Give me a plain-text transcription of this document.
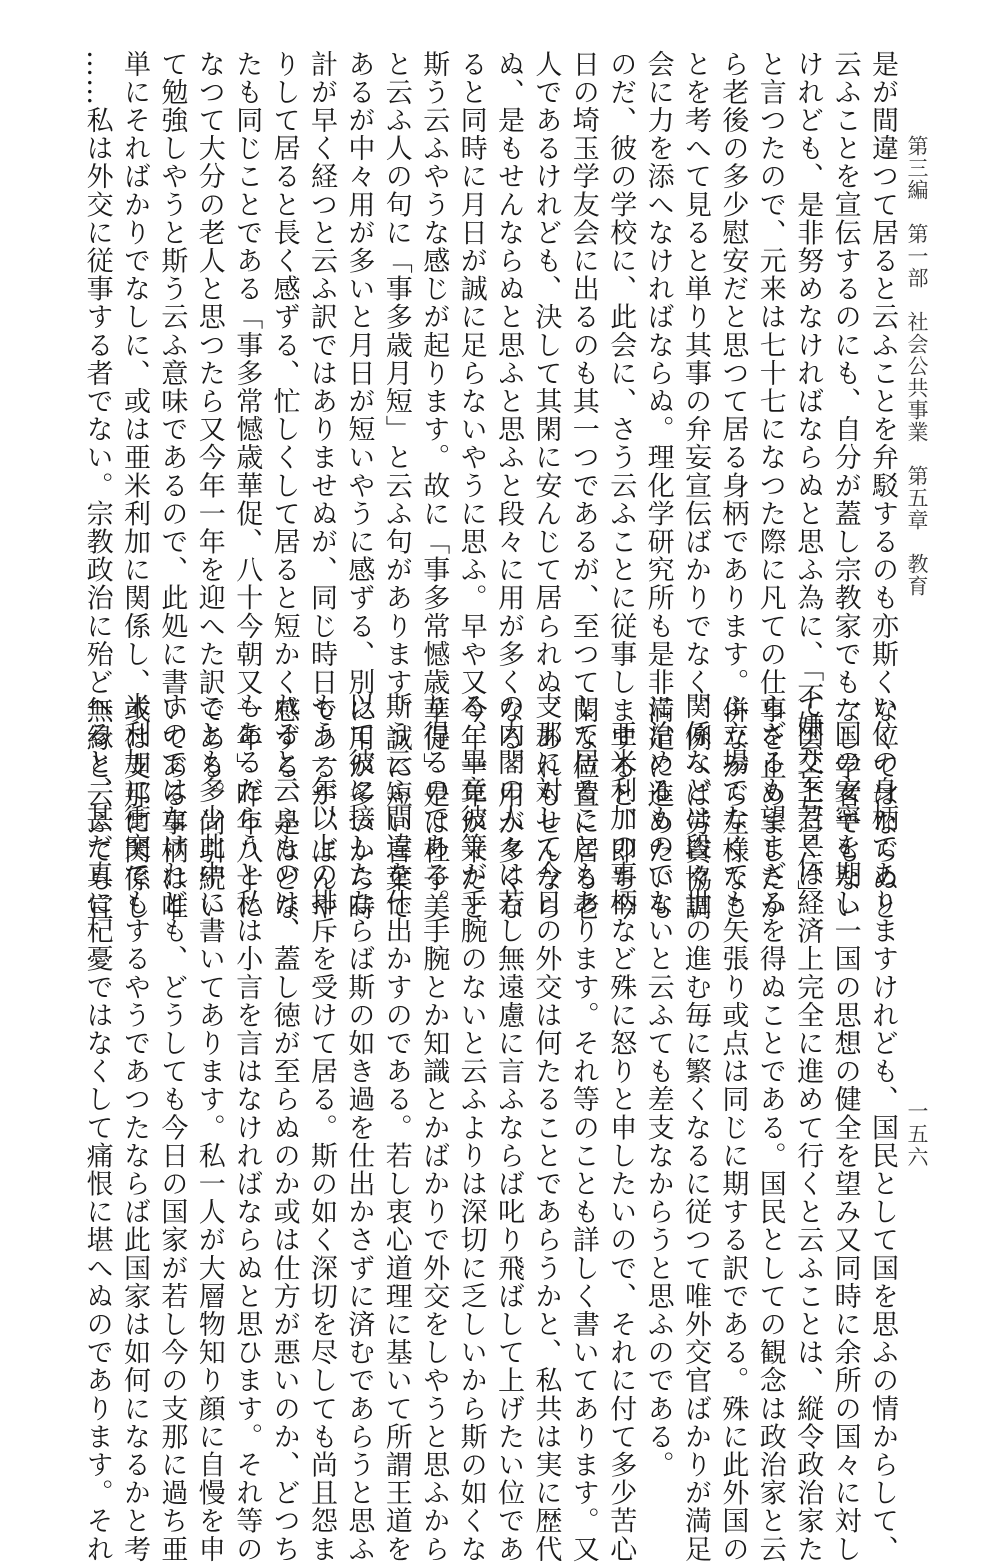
第三編　第一部　社会公共事業　第五章　教育
一五六
是が間違つて居ると云ふことを弁駁するのも亦斯くなくてはならぬと
云ふことを宣伝するのにも、自分が蓋し宗教家でもなし学者でもない
けれども、是非努めなければならぬと思ふ為に、「不嫌弁妄与宣伝」
と言つたので、元来は七十七になつた際に凡ての仕事を止めましたか
ら老後の多少慰安だと思つて居る身柄であります。併ながら左様なこ
とを考へて見ると単り其事の弁妄宣伝ばかりでなく、例へば労資協調
会に力を添へなければならぬ。理化学研究所も是非満足に進めたいも
のだ、彼の学校に、此会に、さう云ふことに従事しますると、即ち今
日の埼玉学友会に出るのも其一つであるが、至つて閑な位置に居る老
人であるけれども、決して其閑に安んじて居られぬ、あれもせんなら
ぬ、是もせんならぬと思ふと思ふと段々に用が多くなる。用が多くな
ると同時に月日が誠に足らないやうに思ふ。早や又今年一年が来たと
斯う云ふやうな感じが起ります。故に「事多常憾歳華促」是は杜子美
と云ふ人の句に「事多歳月短」と云ふ句があります。誠に短い言葉で
あるが中々用が多いと月日が短いやうに感ずる、別に用が多いから時
計が早く経つと云ふ訳ではありませぬが、同じ時日であるが、ぼんや
りして居ると長く感ずる、忙しくして居ると短かく感ずる、是はどな
たも同じことである「事多常憾歳華促、八十今朝又一年」昨年八十に
なつて大分の老人と思つたら又今年一年を迎へた訳である。尚引続い
て勉強しやうと斯う云ふ意味であるので、此処に書いてある事柄は唯
単にそればかりでなしに、或は亜米利加に関係し、或は支那に関係し
……私は外交に従事する者でない。宗教政治に殆ど無縁と云ふても宜
い位の身柄でありますけれども、国民として国を思ふの情からして、
一国の安寧を期し一国の思想の健全を望み又同時に余所の国々に対し
て国交上若くは経済上完全に進めて行くと云ふことは、縦令政治家た
らざるも望まざるを得ぬことである。国民としての観念は政治家と云
ふ立場でなくても矢張り或点は同じに期する訳である。殊に此外国の
関係などは段々世の進む毎に繁くなるに従つて唯外交官ばかりが満足
に治めるものでないと云ふても差支なからうと思ふのである。
　亜米利加の事柄など殊に怒りと申したいので、それに付て多少苦心
して居ることもあります。それ等のことも詳しく書いてあります。又
支那に対して今日の外交は何たることであらうかと、私共は実に歴代
の内閣の人々は若し無遠慮に言ふならば叱り飛ばして上げたい位であ
る、畢竟彼等が手腕のないと云ふよりは深切に乏しいから斯の如くな
り得るのである。手腕とか知識とかばかりで外交をしやうと思ふから
斯う云ふ間違を仕出かすのである。若し衷心道理に基いて所謂王道を
以て彼に接したならば斯の如き過を仕出かさずに済むであらうと思ふ
もう一年以上の排斥を受けて居る。斯の如く深切を尽しても尚且怨ま
れると云ふものは、蓋し徳が至らぬのか或は仕方が悪いのか、どつち
もあるだらうと私は小言を言はなければならぬと思ひます。それ等の
ことも多少此中に書いてあります。私一人が大層物知り顔に自慢を申
すのではなけれども、どうしても今日の国家が若し今の支那に過ち亜
米利加に衝突でもするやうであつたならば此国家は如何になるかと考
へると、甚だ真に杞憂ではなくして痛恨に堪へぬのであります。それ
